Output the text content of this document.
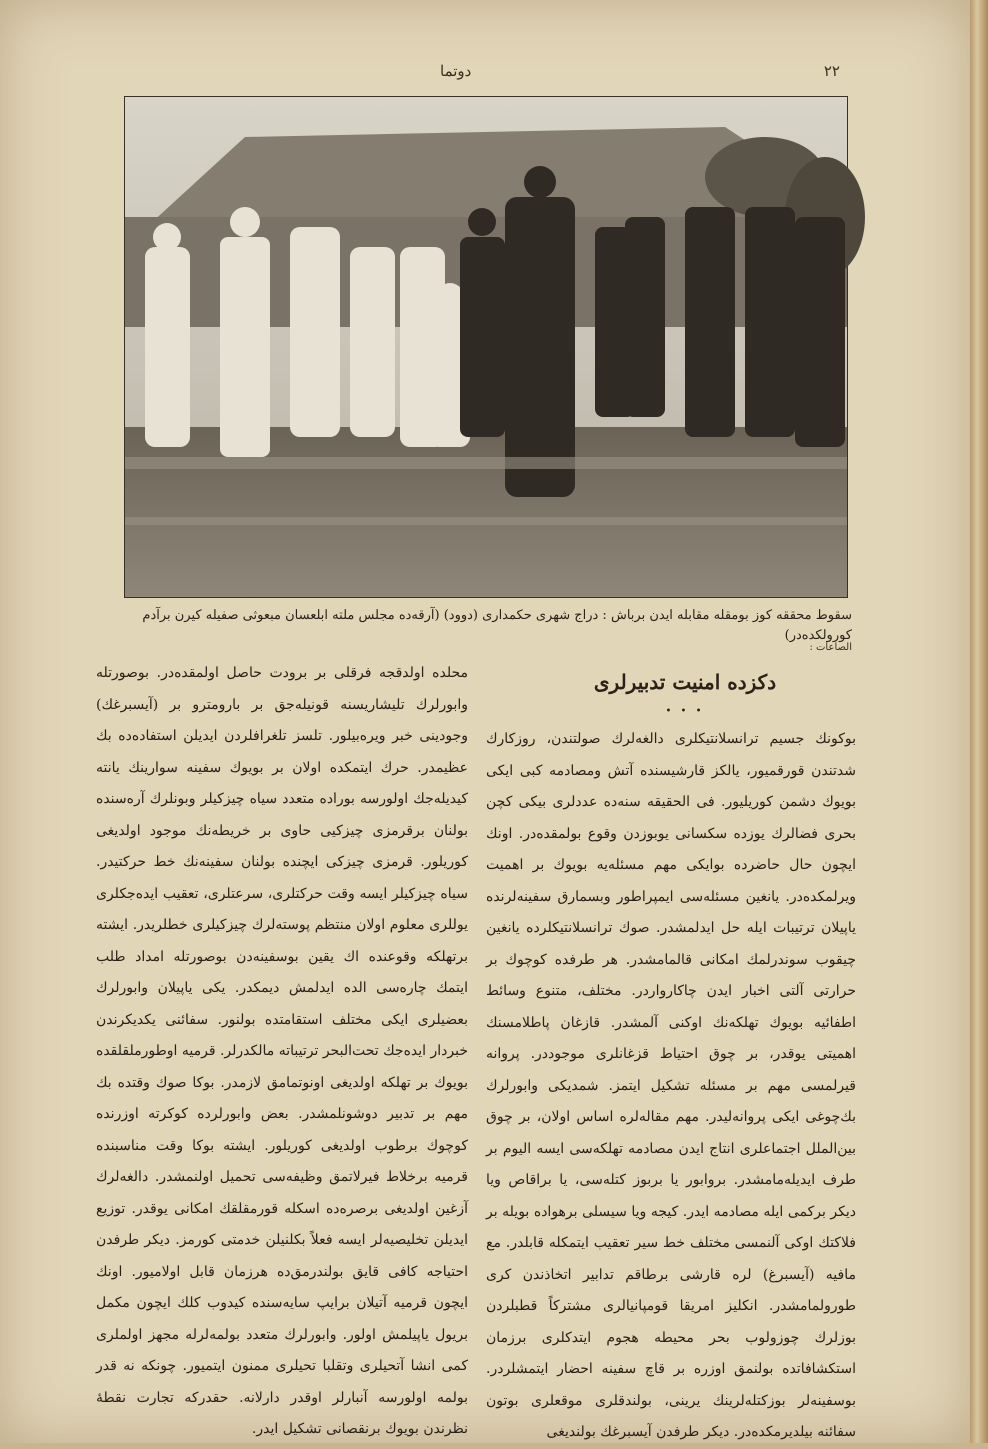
دوتما	٢٢

سقوط محققه كوز بومقله مقابله ايدن برباش : دراج شهری حكمداری (دوود) (آرقه‌ده مجلس ملته ابلعسان مبعوثی صفیله كیرن برآدم كورولكده‌در)

الصاعات :

دكزده امنیت تدبیرلری
• • •

بوكونك جسیم ترانسلانتیكلری دالغه‌لرك صولتندن، روزكارك شدتندن قورقمیور، یالكز قارشیسنده آتش ومصادمه كبی ایكی بویوك دشمن كوریلیور. فی الحقیقه سنه‌ده عددلری بیكی كچن بحری فضالرك یوزده سكسانی یوبوزدن وقوع بولمقده‌در. اونك ایچون حال حاضرده بوایكی مهم مسئله‌یه بویوك بر اهمیت ویرلمكده‌در. یانغین مسئله‌سی ایمپراطور وبسمارق سفینه‌لرنده یاپیلان ترتیبات ایله حل ایدلمشدر. صوك ترانسلانتیكلرده یانغین چیقوب سوندرلمك امكانی قالمامشدر. هر طرفده كوچوك بر حرارتی آلتی اخبار ایدن چاكارواردر. مختلف، متنوع وسائط اطفائیه بویوك تهلكه‌نك اوكنی آلمشدر. قازغان پاطلامسنك اهمیتی یوقدر، بر چوق احتیاط قزغانلری موجوددر. پروانه قیرلمسی مهم بر مسئله تشكیل ایتمز. شمدیكی وابورلرك بك‌چوغی ایكی پروانه‌لیدر. مهم مقاله‌لره اساس اولان، بر چوق بین‌الملل اجتماعلری انتاج ایدن مصادمه تهلكه‌سی ایسه الیوم بر طرف ایدیله‌مامشدر. بروابور یا بربوز كتله‌سی، یا براقاص ویا دیكر بركمی ایله مصادمه ایدر. كیجه ویا سیسلی برهواده بویله بر فلاكتك اوكی آلنمسی مختلف خط سیر تعقیب ایتمكله قابلدر. مع مافیه (آیسبرغ) لره قارشی برطاقم تدابیر اتخاذندن كری طورولمامشدر. انكلیز امریقا قومپانیالری مشتركاً قطبلردن بوزلرك چوزولوب بحر محیطه هجوم ایتدكلری برزمان استكشافاتده بولنمق اوزره بر قاچ سفینه احضار ایتمشلردر. بوسفینه‌لر بوزكتله‌لرینك یرینی، بولندقلری موقعلری بوتون سفائنه بیلدیرمكده‌در. دیكر طرفدن آیسبرغك بولندیغی

محلده اولدقجه فرقلی بر برودت حاصل اولمقده‌در. بوصورتله وابورلرك تلیشاریسنه قونیله‌جق بر بارومترو بر (آیسبرغك) وجودینی خبر ویره‌بیلور. تلسز تلغرافلردن ایدیلن استفاده‌ده بك عظیمدر. حرك ایتمكده اولان بر بویوك سفینه سوارینك یانته كیدیله‌جك اولورسه بوراده متعدد سیاه چیزكیلر وبونلرك آره‌سنده بولنان برقرمزی چیزكیی حاوی بر خریطه‌نك موجود اولدیغی كوریلور. قرمزی چیزكی ایچنده بولنان سفینه‌نك خط حركتیدر. سیاه چیزكیلر ایسه وقت حركتلری، سرعتلری، تعقیب ایده‌جكلری یوللری معلوم اولان منتظم پوسته‌لرك چیزكیلری خطلریدر. ایشته برتهلكه وقوعنده اك یقین بوسفینه‌دن بوصورتله امداد طلب ایتمك چاره‌سی الده ایدلمش دیمكدر. یكی یاپیلان وابورلرك بعضیلری ایكی مختلف استقامتده بولنور. سفائنی یكدیكرندن خبردار ایده‌جك تحت‌البحر ترتیباته مالكدرلر. قرمیه اوطورملقلقده بویوك بر تهلكه اولدیغی اونوتمامق لازمدر. بوكا صوك وقتده بك مهم بر تدبیر دوشونلمشدر. بعض وابورلرده كوكرته اوزرنده كوچوك برطوب اولدیغی كوریلور. ایشته بوكا وقت مناسبنده قرمیه برخلاط فیرلاتمق وظیفه‌سی تحمیل اولنمشدر. دالغه‌لرك آزغین اولدیغی برصره‌ده اسكله قورمقلقك امكانی یوقدر. توزیع ایدیلن تخلیصیه‌لر ایسه فعلاً بكلنیلن خدمتی كورمز. دیكر طرفدن احتیاجه كافی قایق بولندرمق‌ده هرزمان قابل اولامیور. اونك ایچون قرمیه آتیلان برایپ سایه‌سنده كیدوب كلك ایچون مكمل بریول یاپیلمش اولور. وابورلرك متعدد بولمه‌لرله مجهز اولملری كمی انشا آتحیلری وتقلبا تحیلری ممنون ایتمیور. چونكه نه قدر بولمه اولورسه آنبارلر اوقدر دارلانه. حقدركه تجارت نقطهٔ نظرندن بویوك برنقصانی تشكیل ایدر.
